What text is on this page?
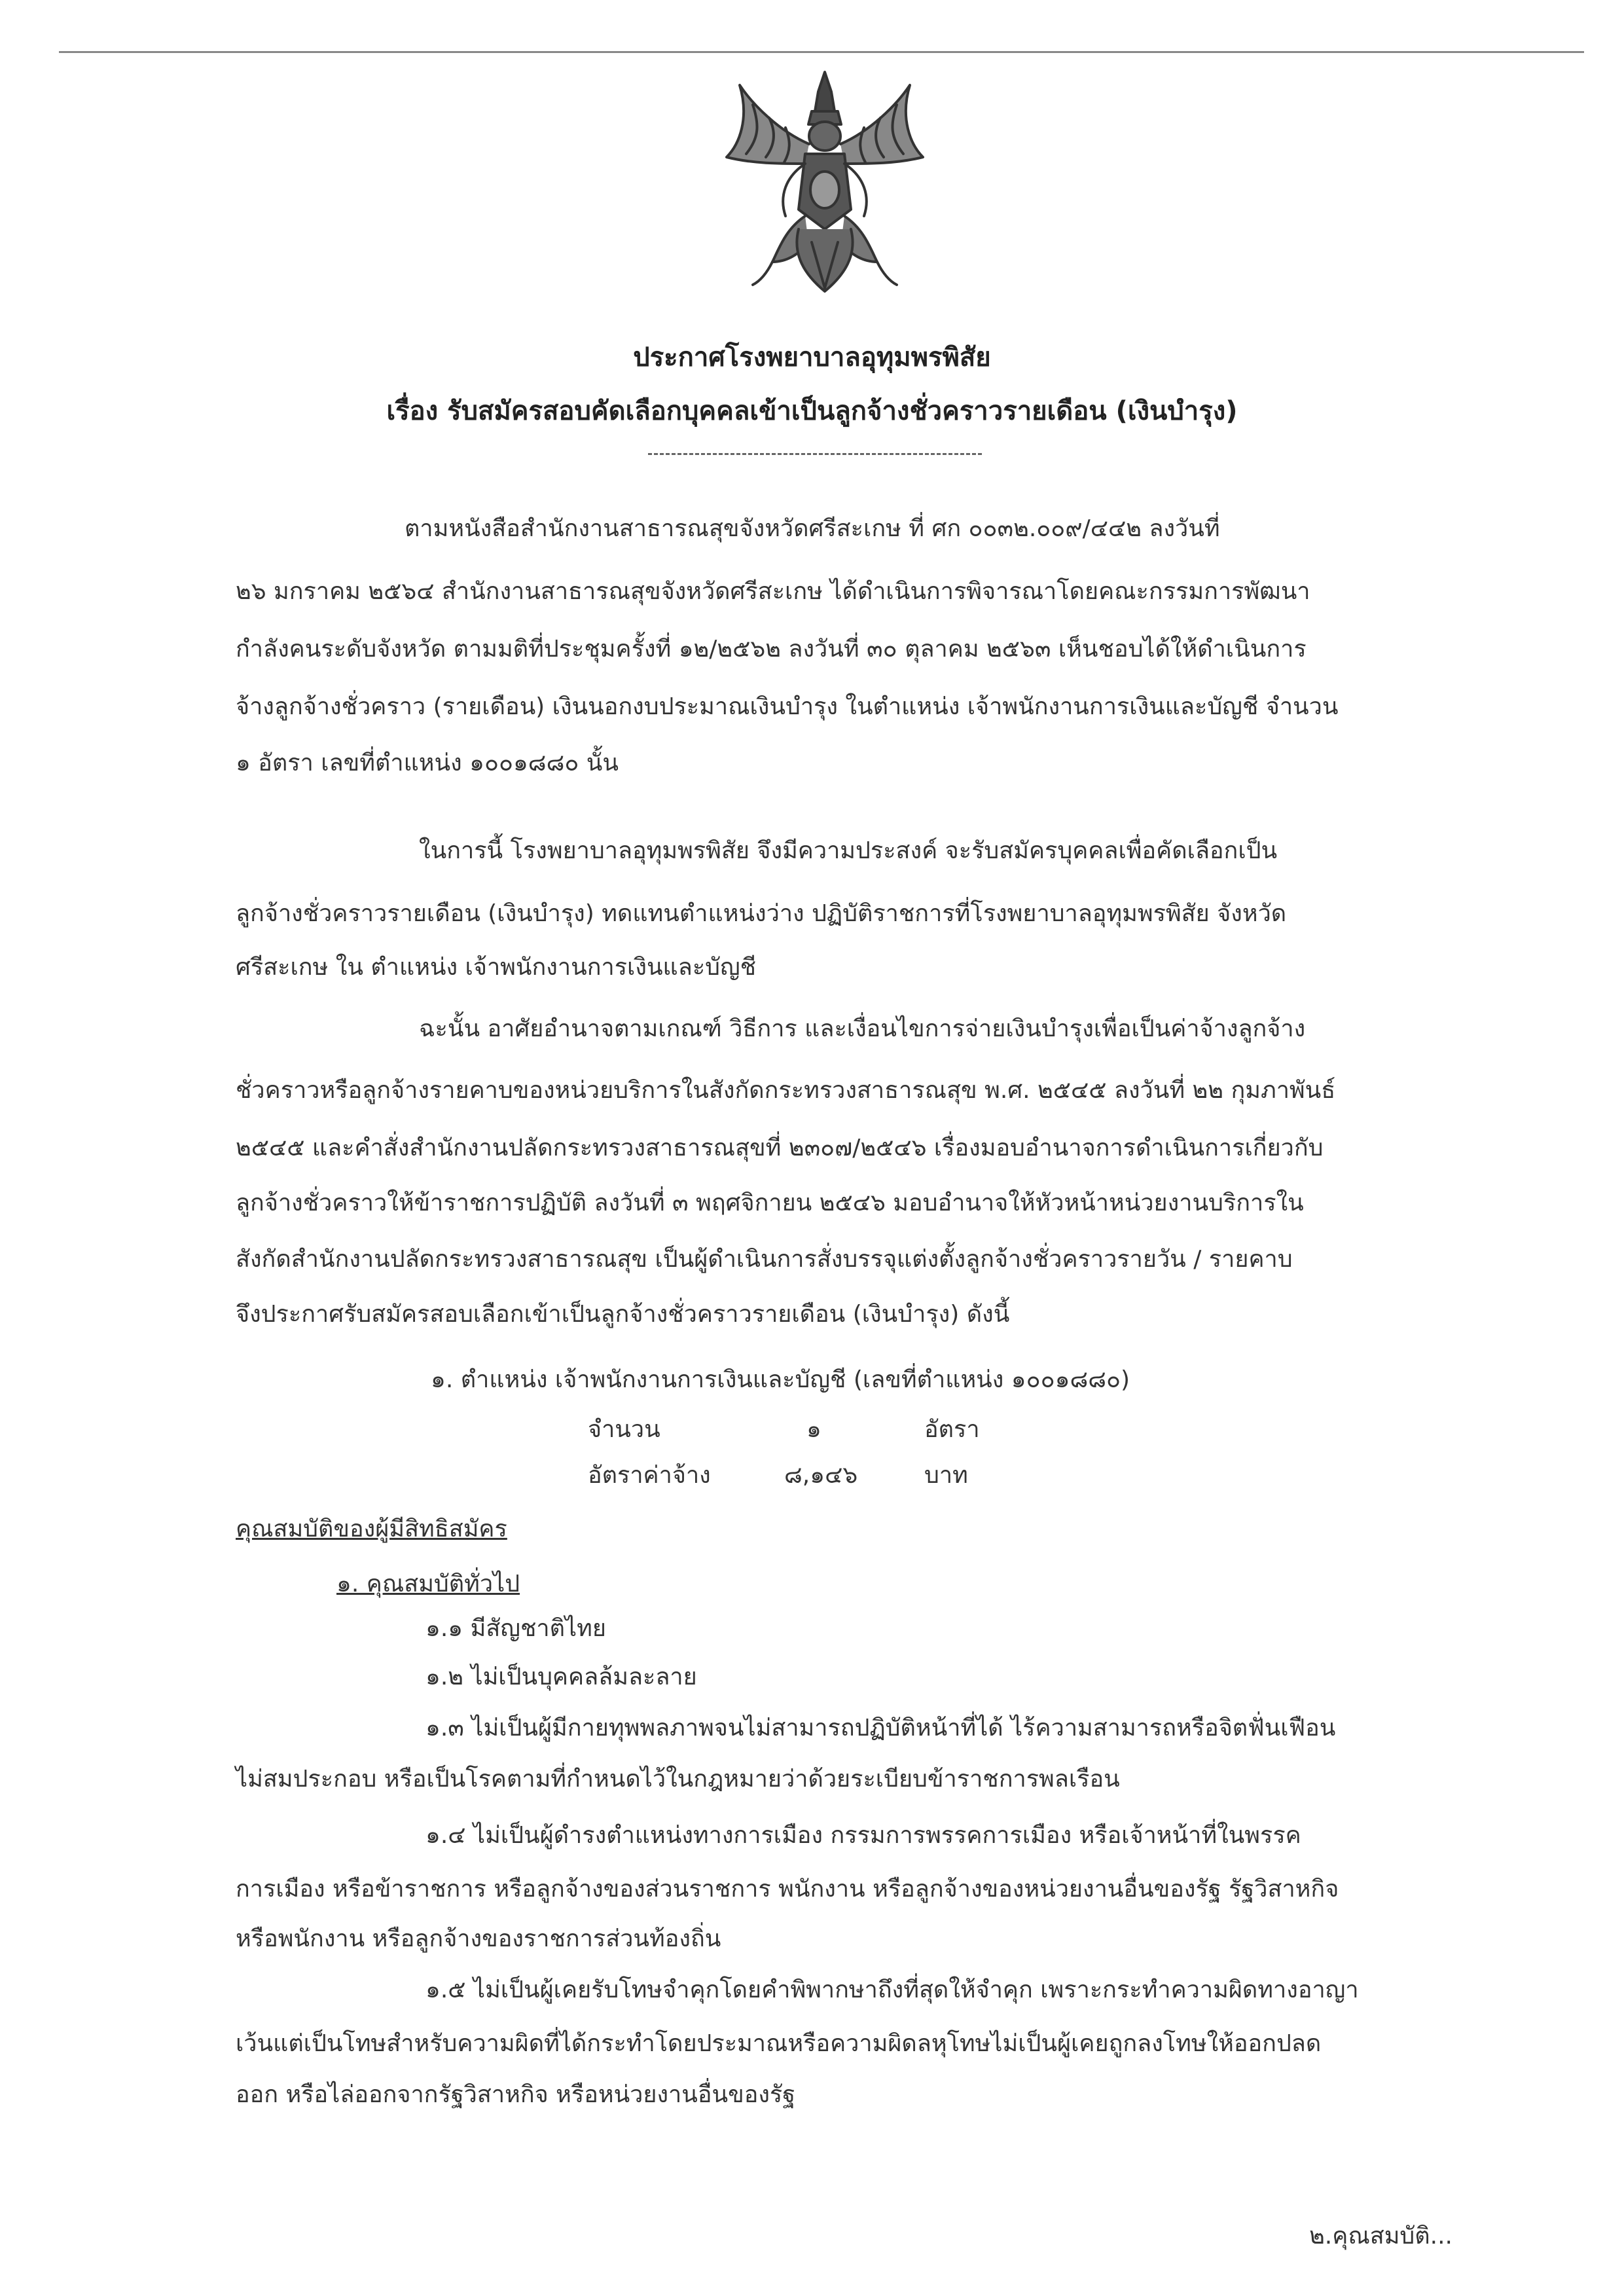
ประกาศโรงพยาบาลอุทุมพรพิสัย
เรื่อง รับสมัครสอบคัดเลือกบุคคลเข้าเป็นลูกจ้างชั่วคราวรายเดือน (เงินบำรุง)
ตามหนังสือสำนักงานสาธารณสุขจังหวัดศรีสะเกษ ที่ ศก ๐๐๓๒.๐๐๙/๔๔๒ ลงวันที่
๒๖ มกราคม ๒๕๖๔ สำนักงานสาธารณสุขจังหวัดศรีสะเกษ ได้ดำเนินการพิจารณาโดยคณะกรรมการพัฒนา
กำลังคนระดับจังหวัด ตามมติที่ประชุมครั้งที่ ๑๒/๒๕๖๒ ลงวันที่ ๓๐ ตุลาคม ๒๕๖๓ เห็นชอบได้ให้ดำเนินการ
จ้างลูกจ้างชั่วคราว (รายเดือน) เงินนอกงบประมาณเงินบำรุง ในตำแหน่ง เจ้าพนักงานการเงินและบัญชี จำนวน
๑ อัตรา เลขที่ตำแหน่ง ๑๐๐๑๘๘๐ นั้น
ในการนี้ โรงพยาบาลอุทุมพรพิสัย จึงมีความประสงค์ จะรับสมัครบุคคลเพื่อคัดเลือกเป็น
ลูกจ้างชั่วคราวรายเดือน (เงินบำรุง) ทดแทนตำแหน่งว่าง ปฏิบัติราชการที่โรงพยาบาลอุทุมพรพิสัย จังหวัด
ศรีสะเกษ ใน ตำแหน่ง เจ้าพนักงานการเงินและบัญชี
ฉะนั้น อาศัยอำนาจตามเกณฑ์ วิธีการ และเงื่อนไขการจ่ายเงินบำรุงเพื่อเป็นค่าจ้างลูกจ้าง
ชั่วคราวหรือลูกจ้างรายคาบของหน่วยบริการในสังกัดกระทรวงสาธารณสุข พ.ศ. ๒๕๔๕ ลงวันที่ ๒๒ กุมภาพันธ์
๒๕๔๕ และคำสั่งสำนักงานปลัดกระทรวงสาธารณสุขที่ ๒๓๐๗/๒๕๔๖ เรื่องมอบอำนาจการดำเนินการเกี่ยวกับ
ลูกจ้างชั่วคราวให้ข้าราชการปฏิบัติ ลงวันที่ ๓ พฤศจิกายน ๒๕๔๖ มอบอำนาจให้หัวหน้าหน่วยงานบริการใน
สังกัดสำนักงานปลัดกระทรวงสาธารณสุข เป็นผู้ดำเนินการสั่งบรรจุแต่งตั้งลูกจ้างชั่วคราวรายวัน / รายคาบ
จึงประกาศรับสมัครสอบเลือกเข้าเป็นลูกจ้างชั่วคราวรายเดือน (เงินบำรุง) ดังนี้
๑. ตำแหน่ง เจ้าพนักงานการเงินและบัญชี (เลขที่ตำแหน่ง ๑๐๐๑๘๘๐)
จำนวน	๑	อัตรา
อัตราค่าจ้าง	๘,๑๔๖	บาท
คุณสมบัติของผู้มีสิทธิสมัคร
๑. คุณสมบัติทั่วไป
๑.๑ มีสัญชาติไทย
๑.๒ ไม่เป็นบุคคลล้มละลาย
๑.๓ ไม่เป็นผู้มีกายทุพพลภาพจนไม่สามารถปฏิบัติหน้าที่ได้ ไร้ความสามารถหรือจิตฟั่นเฟือน
ไม่สมประกอบ หรือเป็นโรคตามที่กำหนดไว้ในกฎหมายว่าด้วยระเบียบข้าราชการพลเรือน
๑.๔ ไม่เป็นผู้ดำรงตำแหน่งทางการเมือง กรรมการพรรคการเมือง หรือเจ้าหน้าที่ในพรรค
การเมือง หรือข้าราชการ หรือลูกจ้างของส่วนราชการ พนักงาน หรือลูกจ้างของหน่วยงานอื่นของรัฐ รัฐวิสาหกิจ
หรือพนักงาน หรือลูกจ้างของราชการส่วนท้องถิ่น
๑.๕ ไม่เป็นผู้เคยรับโทษจำคุกโดยคำพิพากษาถึงที่สุดให้จำคุก เพราะกระทำความผิดทางอาญา
เว้นแต่เป็นโทษสำหรับความผิดที่ได้กระทำโดยประมาณหรือความผิดลหุโทษไม่เป็นผู้เคยถูกลงโทษให้ออกปลด
ออก หรือไล่ออกจากรัฐวิสาหกิจ หรือหน่วยงานอื่นของรัฐ
๒.คุณสมบัติ...
